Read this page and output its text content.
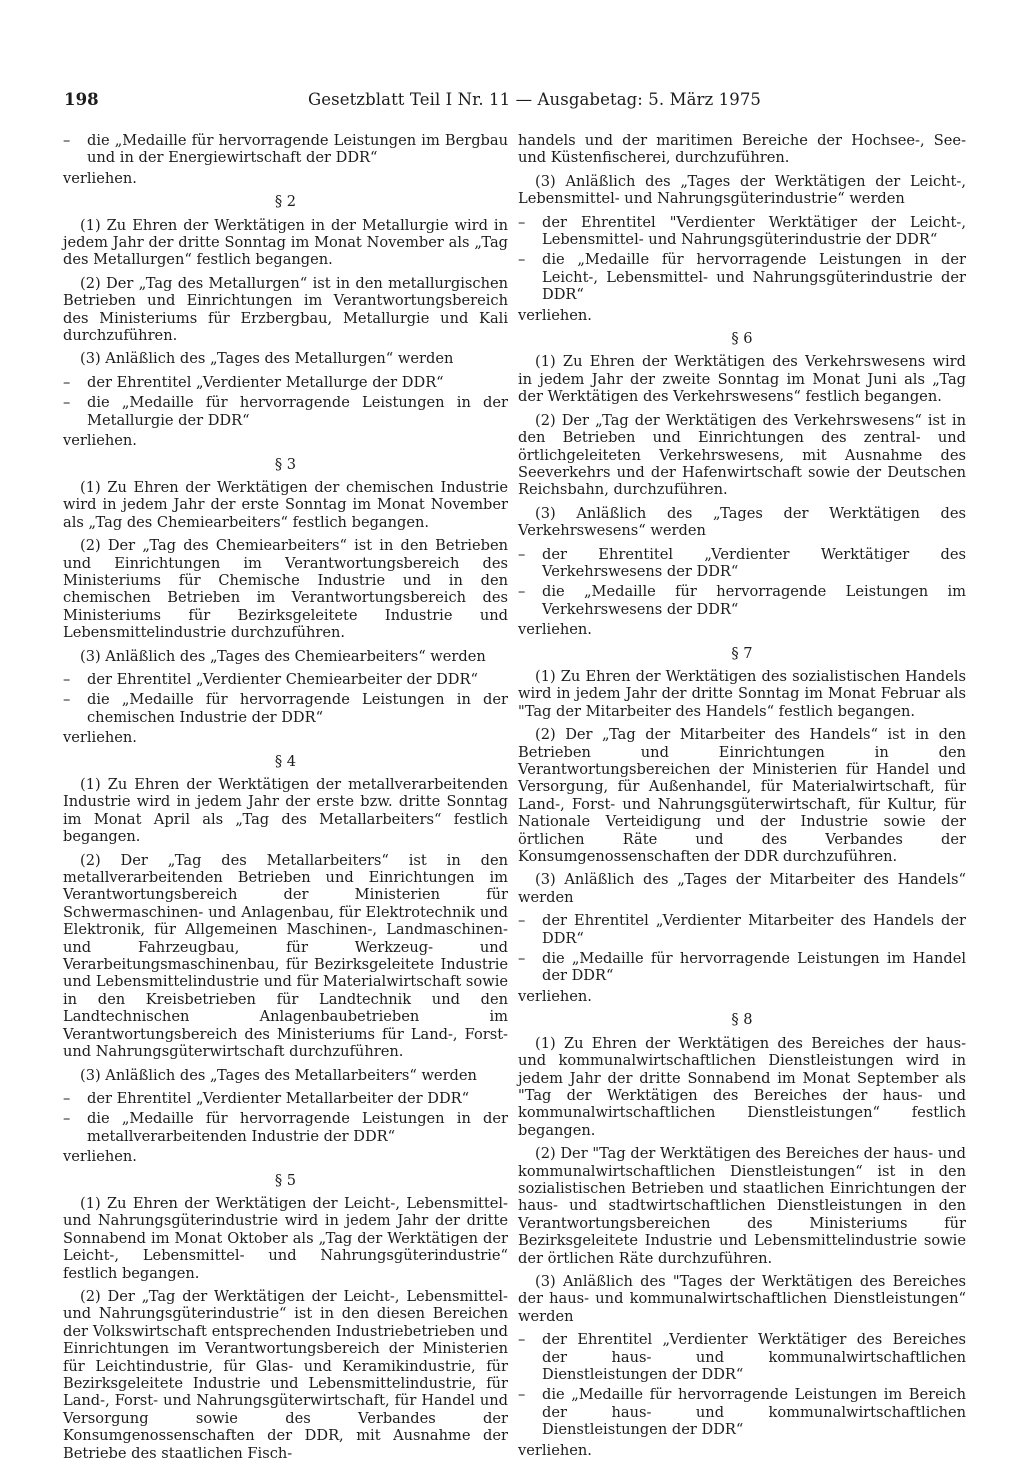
198	Gesetzblatt Teil I Nr. 11 — Ausgabetag: 5. März 1975
– die „Medaille für hervorragende Leistungen im Bergbau und in der Energiewirtschaft der DDR“
verliehen.
§ 2

(1) Zu Ehren der Werktätigen in der Metallurgie wird in jedem Jahr der dritte Sonntag im Monat November als „Tag des Metallurgen“ festlich begangen.

(2) Der „Tag des Metallurgen“ ist in den metallurgischen Betrieben und Einrichtungen im Verantwortungsbereich des Ministeriums für Erzbergbau, Metallurgie und Kali durchzuführen.

(3) Anläßlich des „Tages des Metallurgen“ werden

– der Ehrentitel „Verdienter Metallurge der DDR“
– die „Medaille für hervorragende Leistungen in der Metallurgie der DDR“
verliehen.
§ 3

(1) Zu Ehren der Werktätigen der chemischen Industrie wird in jedem Jahr der erste Sonntag im Monat November als „Tag des Chemiearbeiters“ festlich begangen.

(2) Der „Tag des Chemiearbeiters“ ist in den Betrieben und Einrichtungen im Verantwortungsbereich des Ministeriums für Chemische Industrie und in den chemischen Betrieben im Verantwortungsbereich des Ministeriums für Bezirksgeleitete Industrie und Lebensmittelindustrie durchzuführen.

(3) Anläßlich des „Tages des Chemiearbeiters“ werden

– der Ehrentitel „Verdienter Chemiearbeiter der DDR“
– die „Medaille für hervorragende Leistungen in der chemischen Industrie der DDR“
verliehen.
§ 4

(1) Zu Ehren der Werktätigen der metallverarbeitenden Industrie wird in jedem Jahr der erste bzw. dritte Sonntag im Monat April als „Tag des Metallarbeiters“ festlich begangen.

(2) Der „Tag des Metallarbeiters“ ist in den metallverarbeitenden Betrieben und Einrichtungen im Verantwortungsbereich der Ministerien für Schwermaschinen- und Anlagenbau, für Elektrotechnik und Elektronik, für Allgemeinen Maschinen-, Landmaschinen- und Fahrzeugbau, für Werkzeug- und Verarbeitungsmaschinenbau, für Bezirksgeleitete Industrie und Lebensmittelindustrie und für Materialwirtschaft sowie in den Kreisbetrieben für Landtechnik und den Landtechnischen Anlagenbaubetrieben im Verantwortungsbereich des Ministeriums für Land-, Forst- und Nahrungsgüterwirtschaft durchzuführen.

(3) Anläßlich des „Tages des Metallarbeiters“ werden

– der Ehrentitel „Verdienter Metallarbeiter der DDR“
– die „Medaille für hervorragende Leistungen in der metallverarbeitenden Industrie der DDR“
verliehen.
§ 5

(1) Zu Ehren der Werktätigen der Leicht-, Lebensmittel- und Nahrungsgüterindustrie wird in jedem Jahr der dritte Sonnabend im Monat Oktober als „Tag der Werktätigen der Leicht-, Lebensmittel- und Nahrungsgüterindustrie“ festlich begangen.

(2) Der „Tag der Werktätigen der Leicht-, Lebensmittel- und Nahrungsgüterindustrie“ ist in den diesen Bereichen der Volkswirtschaft entsprechenden Industriebetrieben und Einrichtungen im Verantwortungsbereich der Ministerien für Leichtindustrie, für Glas- und Keramikindustrie, für Bezirksgeleitete Industrie und Lebensmittelindustrie, für Land-, Forst- und Nahrungsgüterwirtschaft, für Handel und Versorgung sowie des Verbandes der Konsumgenossenschaften der DDR, mit Ausnahme der Betriebe des staatlichen Fisch-

handels und der maritimen Bereiche der Hochsee-, See- und Küstenfischerei, durchzuführen.

(3) Anläßlich des „Tages der Werktätigen der Leicht-, Lebensmittel- und Nahrungsgüterindustrie“ werden

– der Ehrentitel "Verdienter Werktätiger der Leicht-, Lebensmittel- und Nahrungsgüterindustrie der DDR“
– die „Medaille für hervorragende Leistungen in der Leicht-, Lebensmittel- und Nahrungsgüterindustrie der DDR“
verliehen.
§ 6

(1) Zu Ehren der Werktätigen des Verkehrswesens wird in jedem Jahr der zweite Sonntag im Monat Juni als „Tag der Werktätigen des Verkehrswesens“ festlich begangen.

(2) Der „Tag der Werktätigen des Verkehrswesens“ ist in den Betrieben und Einrichtungen des zentral- und örtlichgeleiteten Verkehrswesens, mit Ausnahme des Seeverkehrs und der Hafenwirtschaft sowie der Deutschen Reichsbahn, durchzuführen.

(3) Anläßlich des „Tages der Werktätigen des Verkehrswesens“ werden

– der Ehrentitel „Verdienter Werktätiger des Verkehrswesens der DDR“
– die „Medaille für hervorragende Leistungen im Verkehrswesens der DDR“
verliehen.
§ 7

(1) Zu Ehren der Werktätigen des sozialistischen Handels wird in jedem Jahr der dritte Sonntag im Monat Februar als "Tag der Mitarbeiter des Handels“ festlich begangen.

(2) Der „Tag der Mitarbeiter des Handels“ ist in den Betrieben und Einrichtungen in den Verantwortungsbereichen der Ministerien für Handel und Versorgung, für Außenhandel, für Materialwirtschaft, für Land-, Forst- und Nahrungsgüterwirtschaft, für Kultur, für Nationale Verteidigung und der Industrie sowie der örtlichen Räte und des Verbandes der Konsumgenossenschaften der DDR durchzuführen.

(3) Anläßlich des „Tages der Mitarbeiter des Handels“ werden

– der Ehrentitel „Verdienter Mitarbeiter des Handels der DDR“
– die „Medaille für hervorragende Leistungen im Handel der DDR“
verliehen.
§ 8

(1) Zu Ehren der Werktätigen des Bereiches der haus- und kommunalwirtschaftlichen Dienstleistungen wird in jedem Jahr der dritte Sonnabend im Monat September als "Tag der Werktätigen des Bereiches der haus- und kommunalwirtschaftlichen Dienstleistungen“ festlich begangen.

(2) Der "Tag der Werktätigen des Bereiches der haus- und kommunalwirtschaftlichen Dienstleistungen“ ist in den sozialistischen Betrieben und staatlichen Einrichtungen der haus- und stadtwirtschaftlichen Dienstleistungen in den Verantwortungsbereichen des Ministeriums für Bezirksgeleitete Industrie und Lebensmittelindustrie sowie der örtlichen Räte durchzuführen.

(3) Anläßlich des "Tages der Werktätigen des Bereiches der haus- und kommunalwirtschaftlichen Dienstleistungen“ werden

– der Ehrentitel „Verdienter Werktätiger des Bereiches der haus- und kommunalwirtschaftlichen Dienstleistungen der DDR“
– die „Medaille für hervorragende Leistungen im Bereich der haus- und kommunalwirtschaftlichen Dienstleistungen der DDR“
verliehen.
